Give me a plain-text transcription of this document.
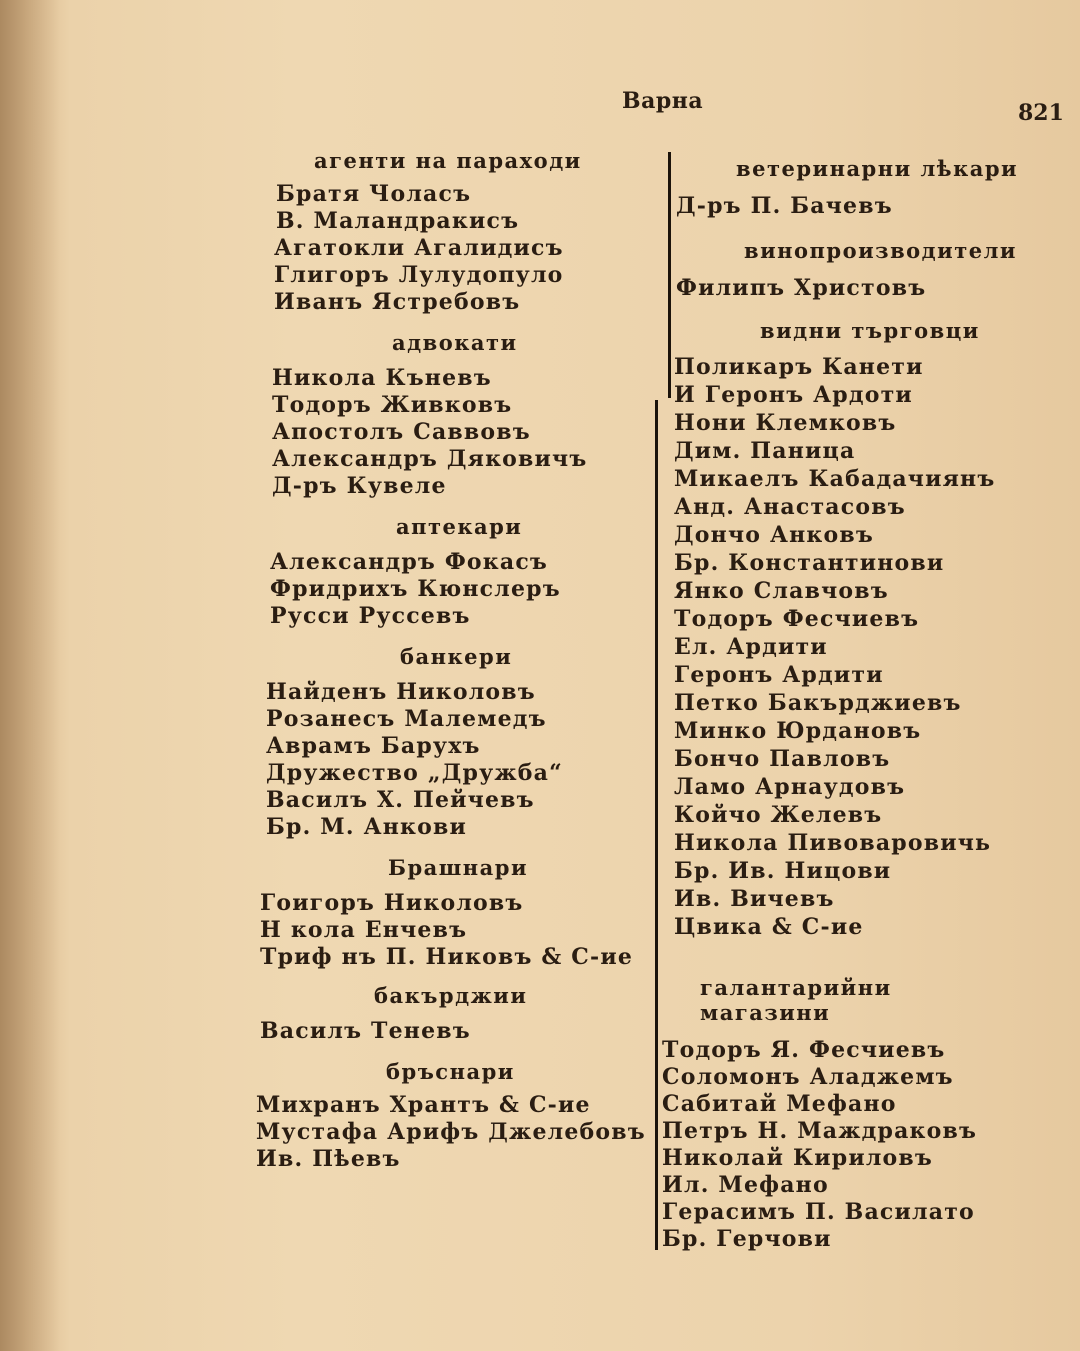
Варна	821

агенти на параходи

Братя Чоласъ

В. Маландракисъ

Агатокли Агалидисъ

Глигоръ Лулудопуло

Иванъ Ястребовъ

адвокати

Никола Къневъ

Тодоръ Живковъ

Апостолъ Саввовъ

Александръ Дяковичъ

Д-ръ Кувеле

аптекари

Александръ Фокасъ

Фридрихъ Кюнслеръ

Русси Руссевъ

банкери

Найденъ Николовъ

Розанесъ Малемедъ

Аврамъ Барухъ

Дружество „Дружба“

Василъ Х. Пейчевъ

Бр. М. Анкови

Брашнари

Гоигоръ Николовъ

Н кола Енчевъ

Триф нъ П. Никовъ & С-ие

бакърджии

Василъ Теневъ

бръснари

Михранъ Хрантъ & С-ие

Мустафа Арифъ Джелебовъ

Ив. Пѣевъ

ветеринарни лѣкари

Д-ръ П. Бачевъ

винопроизводители

Филипъ Христовъ

видни търговци

Поликаръ Канети

И Геронъ Ардоти

Нони Клемковъ

Дим. Паница

Микаелъ Кабадачиянъ

Анд. Анастасовъ

Дончо Анковъ

Бр. Константинови

Янко Славчовъ

Тодоръ Фесчиевъ

Ел. Ардити

Геронъ Ардити

Петко Бакърджиевъ

Минко Юрдановъ

Бончо Павловъ

Ламо Арнаудовъ

Койчо Желевъ

Никола Пивоваровичь

Бр. Ив. Ницови

Ив. Вичевъ

Цвика & С-ие

галантарийни магазини

Тодоръ Я. Фесчиевъ

Соломонъ Аладжемъ

Сабитай Мефано

Петръ Н. Маждраковъ

Николай Кириловъ

Ил. Мефано

Герасимъ П. Василато

Бр. Герчови
